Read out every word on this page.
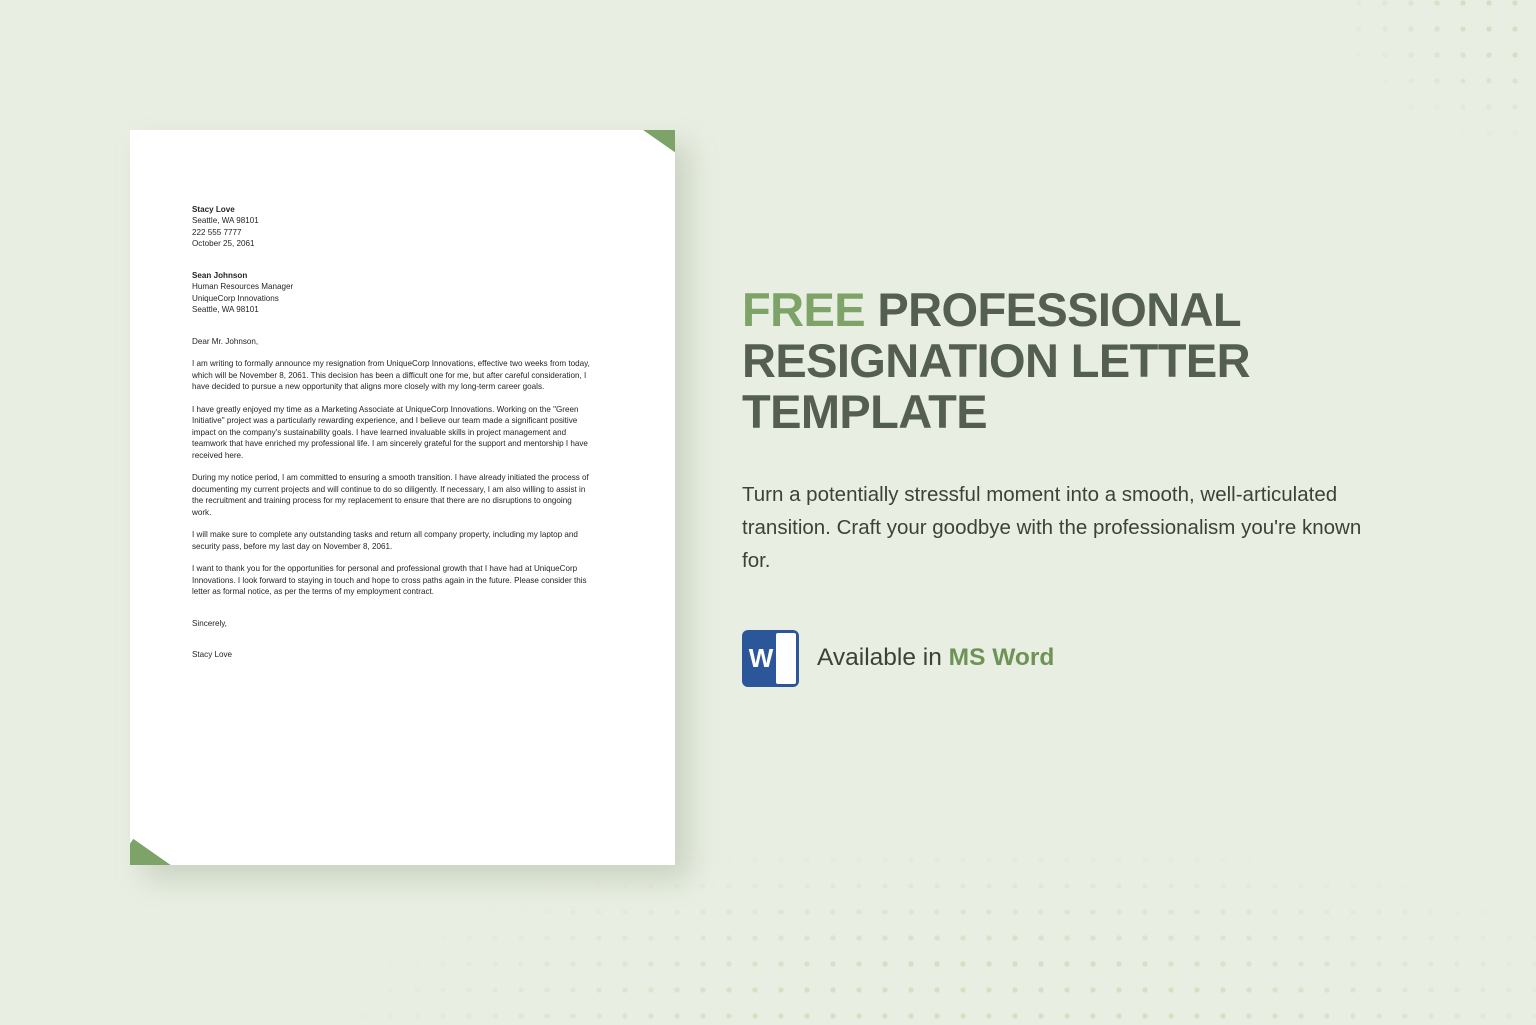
Stacy Love
Seattle, WA 98101
222 555 7777
October 25, 2061
Sean Johnson
Human Resources Manager
UniqueCorp Innovations
Seattle, WA 98101

Dear Mr. Johnson,

I am writing to formally announce my resignation from UniqueCorp Innovations, effective two weeks from today, which will be November 8, 2061. This decision has been a difficult one for me, but after careful consideration, I have decided to pursue a new opportunity that aligns more closely with my long-term career goals.

I have greatly enjoyed my time as a Marketing Associate at UniqueCorp Innovations. Working on the "Green Initiative" project was a particularly rewarding experience, and I believe our team made a significant positive impact on the company's sustainability goals. I have learned invaluable skills in project management and teamwork that have enriched my professional life. I am sincerely grateful for the support and mentorship I have received here.

During my notice period, I am committed to ensuring a smooth transition. I have already initiated the process of documenting my current projects and will continue to do so diligently. If necessary, I am also willing to assist in the recruitment and training process for my replacement to ensure that there are no disruptions to ongoing work.

I will make sure to complete any outstanding tasks and return all company property, including my laptop and security pass, before my last day on November 8, 2061.

I want to thank you for the opportunities for personal and professional growth that I have had at UniqueCorp Innovations. I look forward to staying in touch and hope to cross paths again in the future. Please consider this letter as formal notice, as per the terms of my employment contract.

Sincerely,

Stacy Love

FREE PROFESSIONAL RESIGNATION LETTER TEMPLATE

Turn a potentially stressful moment into a smooth, well-articulated transition. Craft your goodbye with the professionalism you're known for.

W Available in MS Word
